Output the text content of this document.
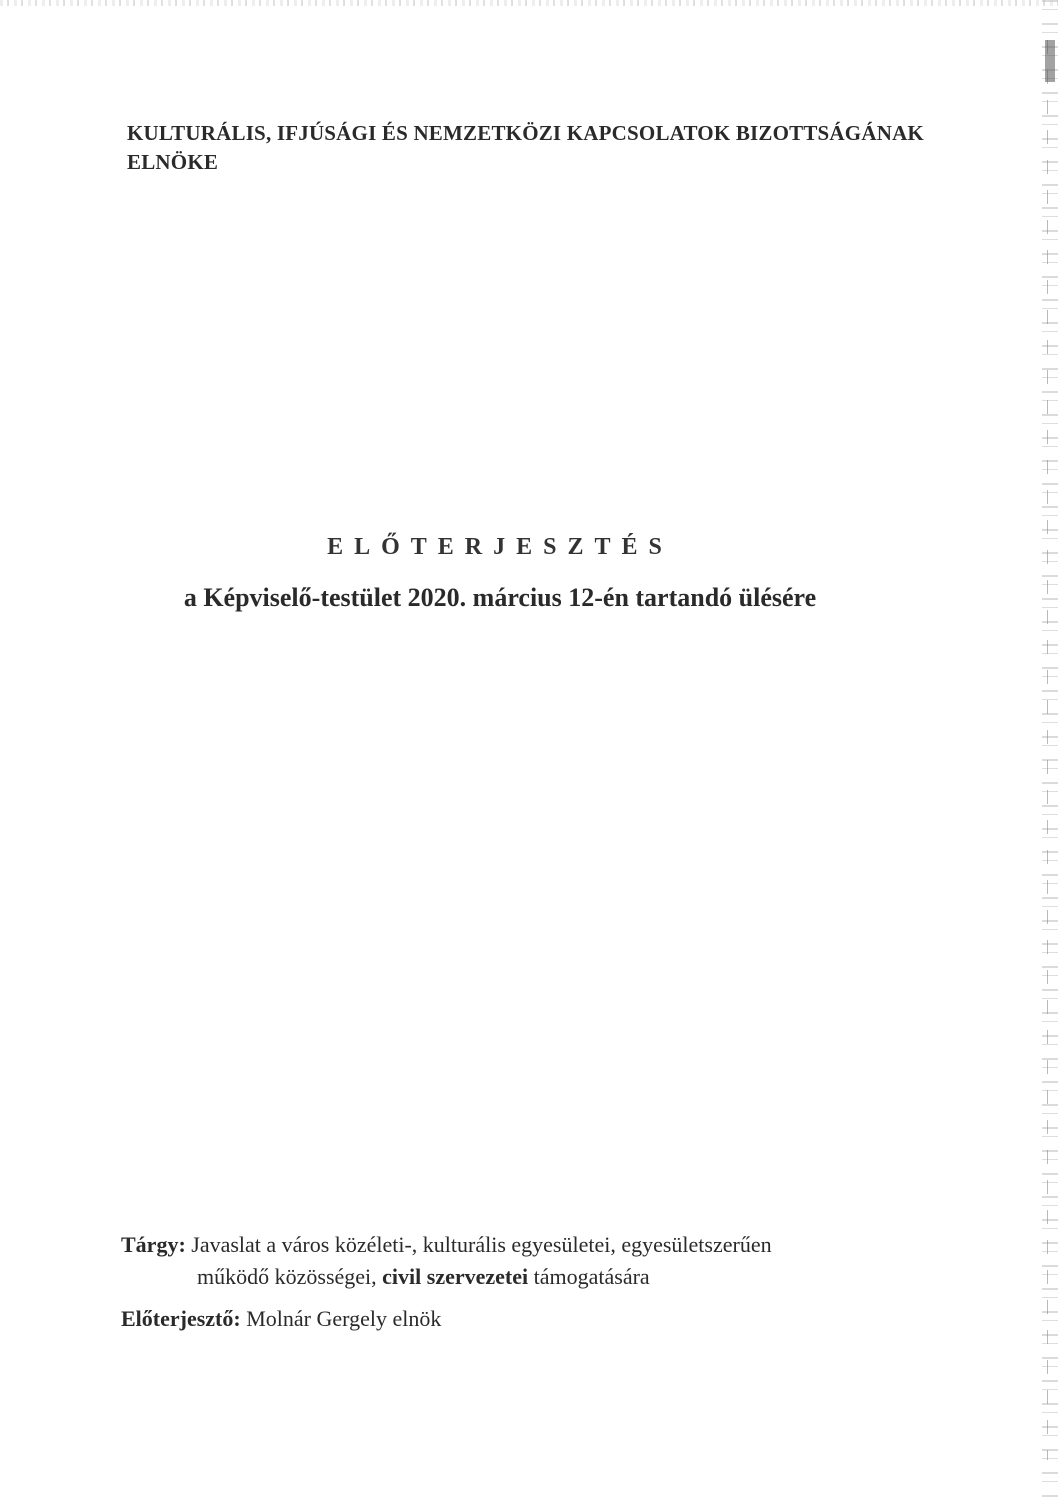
KULTURÁLIS, IFJÚSÁGI ÉS NEMZETKÖZI KAPCSOLATOK BIZOTTSÁGÁNAK
ELNÖKE
ELŐTERJESZTÉS
a Képviselő-testület 2020. március 12-én tartandó ülésére
Tárgy: Javaslat a város közéleti-, kulturális egyesületei, egyesületszerűen
működő közösségei, civil szervezetei támogatására
Előterjesztő: Molnár Gergely elnök
